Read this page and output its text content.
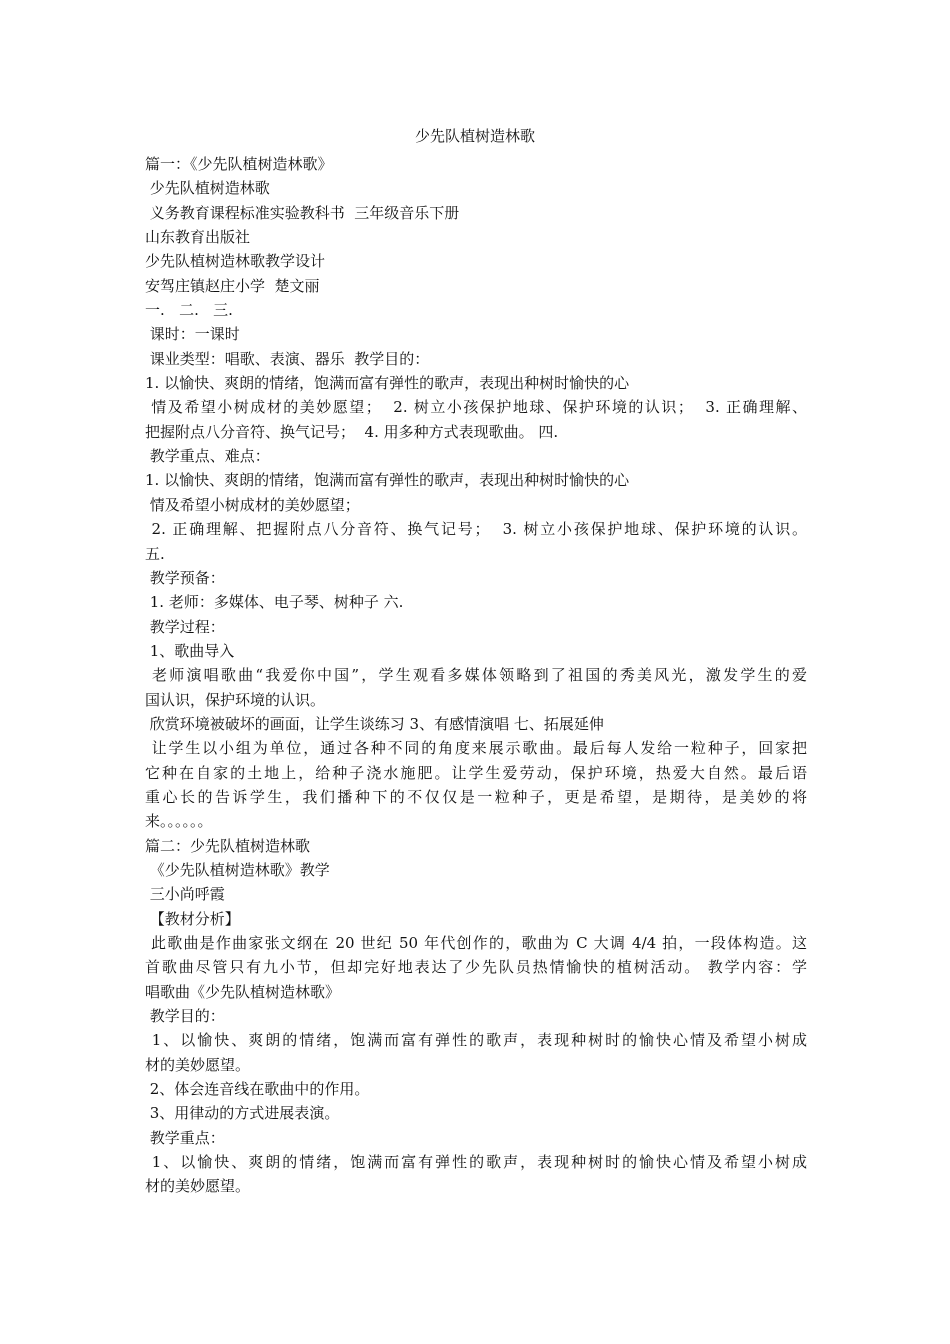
少先队植树造林歌
篇一：《少先队植树造林歌》
少先队植树造林歌
义务教育课程标准实验教科书  三年级音乐下册
山东教育出版社
少先队植树造林歌教学设计
安驾庄镇赵庄小学  楚文丽
一.   二.   三.
课时：一课时
课业类型：唱歌、表演、器乐  教学目的：
1. 以愉快、爽朗的情绪，饱满而富有弹性的歌声，表现出种树时愉快的心
情及希望小树成材的美妙愿望；  2. 树立小孩保护地球、保护环境的认识；  3. 正确理解、
把握附点八分音符、换气记号；  4. 用多种方式表现歌曲。 四.
教学重点、难点：
1. 以愉快、爽朗的情绪，饱满而富有弹性的歌声，表现出种树时愉快的心
情及希望小树成材的美妙愿望；
2. 正确理解、把握附点八分音符、换气记号；  3. 树立小孩保护地球、保护环境的认识。
五.
教学预备：
1. 老师：多媒体、电子琴、树种子 六.
教学过程：
1、歌曲导入
老师演唱歌曲“我爱你中国”，学生观看多媒体领略到了祖国的秀美风光，激发学生的爱
国认识，保护环境的认识。
欣赏环境被破坏的画面，让学生谈练习 3、有感情演唱 七、拓展延伸
让学生以小组为单位，通过各种不同的角度来展示歌曲。最后每人发给一粒种子，回家把
它种在自家的土地上，给种子浇水施肥。让学生爱劳动，保护环境，热爱大自然。最后语
重心长的告诉学生，我们播种下的不仅仅是一粒种子，更是希望，是期待，是美妙的将
来。。。。。。
篇二：少先队植树造林歌
《少先队植树造林歌》教学
三小尚呼霞
【教材分析】
此歌曲是作曲家张文纲在 20 世纪 50 年代创作的，歌曲为 C 大调 4/4 拍，一段体构造。这
首歌曲尽管只有九小节，但却完好地表达了少先队员热情愉快的植树活动。 教学内容：学
唱歌曲《少先队植树造林歌》
教学目的：
1、以愉快、爽朗的情绪，饱满而富有弹性的歌声，表现种树时的愉快心情及希望小树成
材的美妙愿望。
2、体会连音线在歌曲中的作用。
3、用律动的方式进展表演。
教学重点：
1、以愉快、爽朗的情绪，饱满而富有弹性的歌声，表现种树时的愉快心情及希望小树成
材的美妙愿望。
